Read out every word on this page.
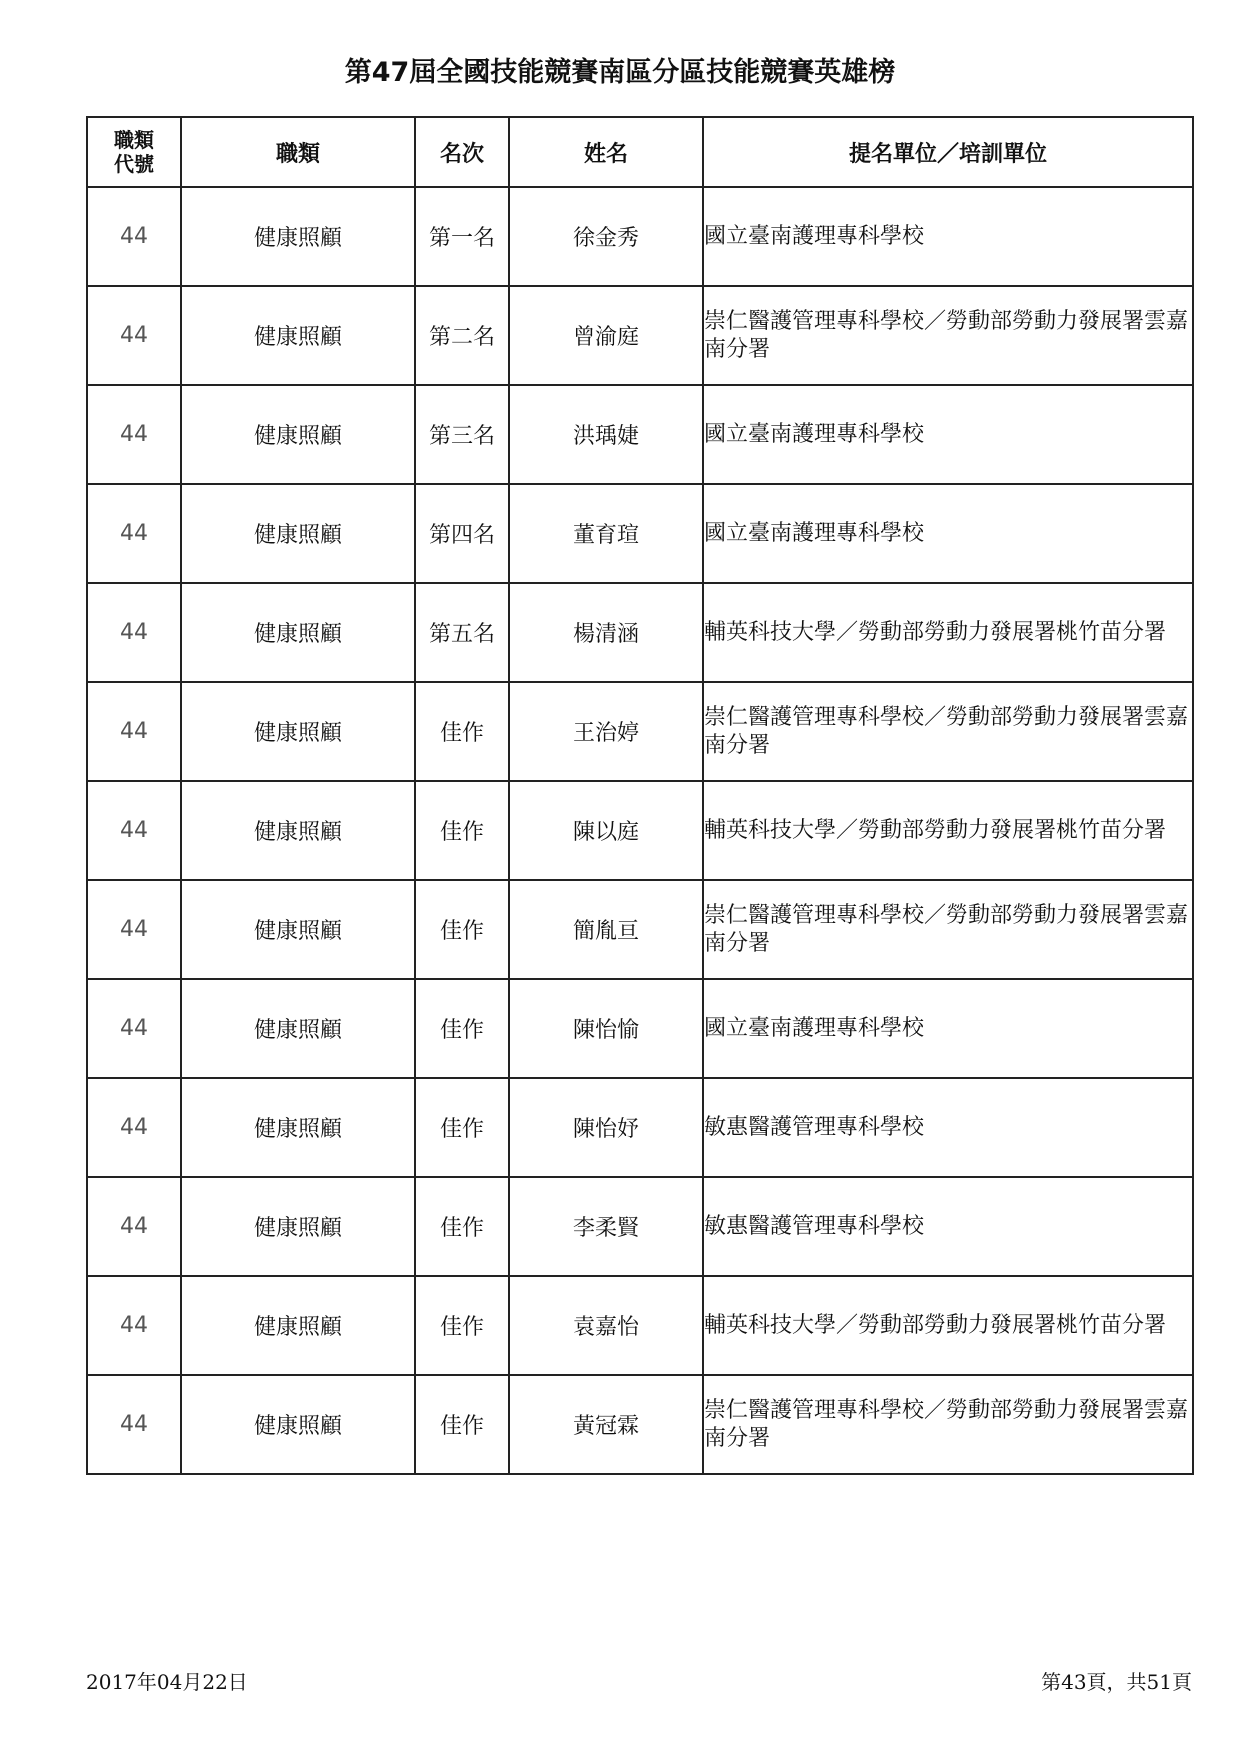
第47屆全國技能競賽南區分區技能競賽英雄榜
職類
代號	職類	名次	姓名	提名單位／培訓單位
44	健康照顧	第一名	徐金秀	國立臺南護理專科學校
44	健康照顧	第二名	曾渝庭	崇仁醫護管理專科學校／勞動部勞動力發展署雲嘉南分署
44	健康照顧	第三名	洪瑀婕	國立臺南護理專科學校
44	健康照顧	第四名	董育瑄	國立臺南護理專科學校
44	健康照顧	第五名	楊清涵	輔英科技大學／勞動部勞動力發展署桃竹苗分署
44	健康照顧	佳作	王治婷	崇仁醫護管理專科學校／勞動部勞動力發展署雲嘉南分署
44	健康照顧	佳作	陳以庭	輔英科技大學／勞動部勞動力發展署桃竹苗分署
44	健康照顧	佳作	簡胤亘	崇仁醫護管理專科學校／勞動部勞動力發展署雲嘉南分署
44	健康照顧	佳作	陳怡愉	國立臺南護理專科學校
44	健康照顧	佳作	陳怡妤	敏惠醫護管理專科學校
44	健康照顧	佳作	李柔賢	敏惠醫護管理專科學校
44	健康照顧	佳作	袁嘉怡	輔英科技大學／勞動部勞動力發展署桃竹苗分署
44	健康照顧	佳作	黃冠霖	崇仁醫護管理專科學校／勞動部勞動力發展署雲嘉南分署
2017年04月22日	第43頁，共51頁
